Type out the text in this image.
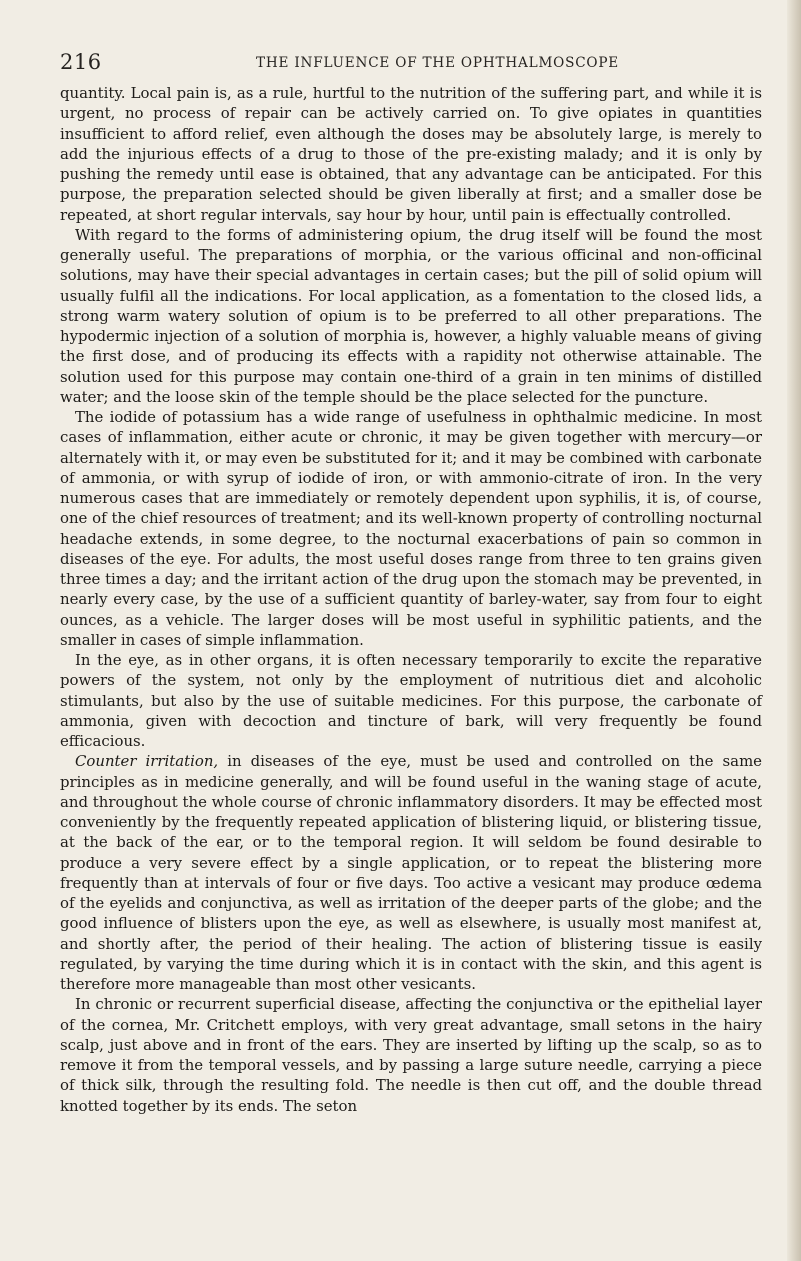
216	THE INFLUENCE OF THE OPHTHALMOSCOPE

quantity. Local pain is, as a rule, hurtful to the nutrition of the suffering part, and while it is urgent, no process of repair can be actively carried on. To give opiates in quantities insufficient to afford relief, even although the doses may be absolutely large, is merely to add the injurious effects of a drug to those of the pre-existing malady; and it is only by pushing the remedy until ease is obtained, that any advantage can be anticipated. For this purpose, the preparation selected should be given liberally at first; and a smaller dose be repeated, at short regular intervals, say hour by hour, until pain is effectually controlled.

With regard to the forms of administering opium, the drug itself will be found the most generally useful. The preparations of morphia, or the various officinal and non-officinal solutions, may have their special advantages in certain cases; but the pill of solid opium will usually fulfil all the indications. For local application, as a fomentation to the closed lids, a strong warm watery solution of opium is to be preferred to all other preparations. The hypodermic injection of a solution of morphia is, however, a highly valuable means of giving the first dose, and of producing its effects with a rapidity not otherwise attainable. The solution used for this purpose may contain one-third of a grain in ten minims of distilled water; and the loose skin of the temple should be the place selected for the puncture.

The iodide of potassium has a wide range of usefulness in ophthalmic medicine. In most cases of inflammation, either acute or chronic, it may be given together with mercury—or alternately with it, or may even be substituted for it; and it may be combined with carbonate of ammonia, or with syrup of iodide of iron, or with ammonio-citrate of iron. In the very numerous cases that are immediately or remotely dependent upon syphilis, it is, of course, one of the chief resources of treatment; and its well-known property of controlling nocturnal headache extends, in some degree, to the nocturnal exacerbations of pain so common in diseases of the eye. For adults, the most useful doses range from three to ten grains given three times a day; and the irritant action of the drug upon the stomach may be prevented, in nearly every case, by the use of a sufficient quantity of barley-water, say from four to eight ounces, as a vehicle. The larger doses will be most useful in syphilitic patients, and the smaller in cases of simple inflammation.

In the eye, as in other organs, it is often necessary temporarily to excite the reparative powers of the system, not only by the employment of nutritious diet and alcoholic stimulants, but also by the use of suitable medicines. For this purpose, the carbonate of ammonia, given with decoction and tincture of bark, will very frequently be found efficacious.

Counter irritation, in diseases of the eye, must be used and controlled on the same principles as in medicine generally, and will be found useful in the waning stage of acute, and throughout the whole course of chronic inflammatory disorders. It may be effected most conveniently by the frequently repeated application of blistering liquid, or blistering tissue, at the back of the ear, or to the temporal region. It will seldom be found desirable to produce a very severe effect by a single application, or to repeat the blistering more frequently than at intervals of four or five days. Too active a vesicant may produce œdema of the eyelids and conjunctiva, as well as irritation of the deeper parts of the globe; and the good influence of blisters upon the eye, as well as elsewhere, is usually most manifest at, and shortly after, the period of their healing. The action of blistering tissue is easily regulated, by varying the time during which it is in contact with the skin, and this agent is therefore more manageable than most other vesicants.

In chronic or recurrent superficial disease, affecting the conjunctiva or the epithelial layer of the cornea, Mr. Critchett employs, with very great advantage, small setons in the hairy scalp, just above and in front of the ears. They are inserted by lifting up the scalp, so as to remove it from the temporal vessels, and by passing a large suture needle, carrying a piece of thick silk, through the resulting fold. The needle is then cut off, and the double thread knotted together by its ends. The seton
